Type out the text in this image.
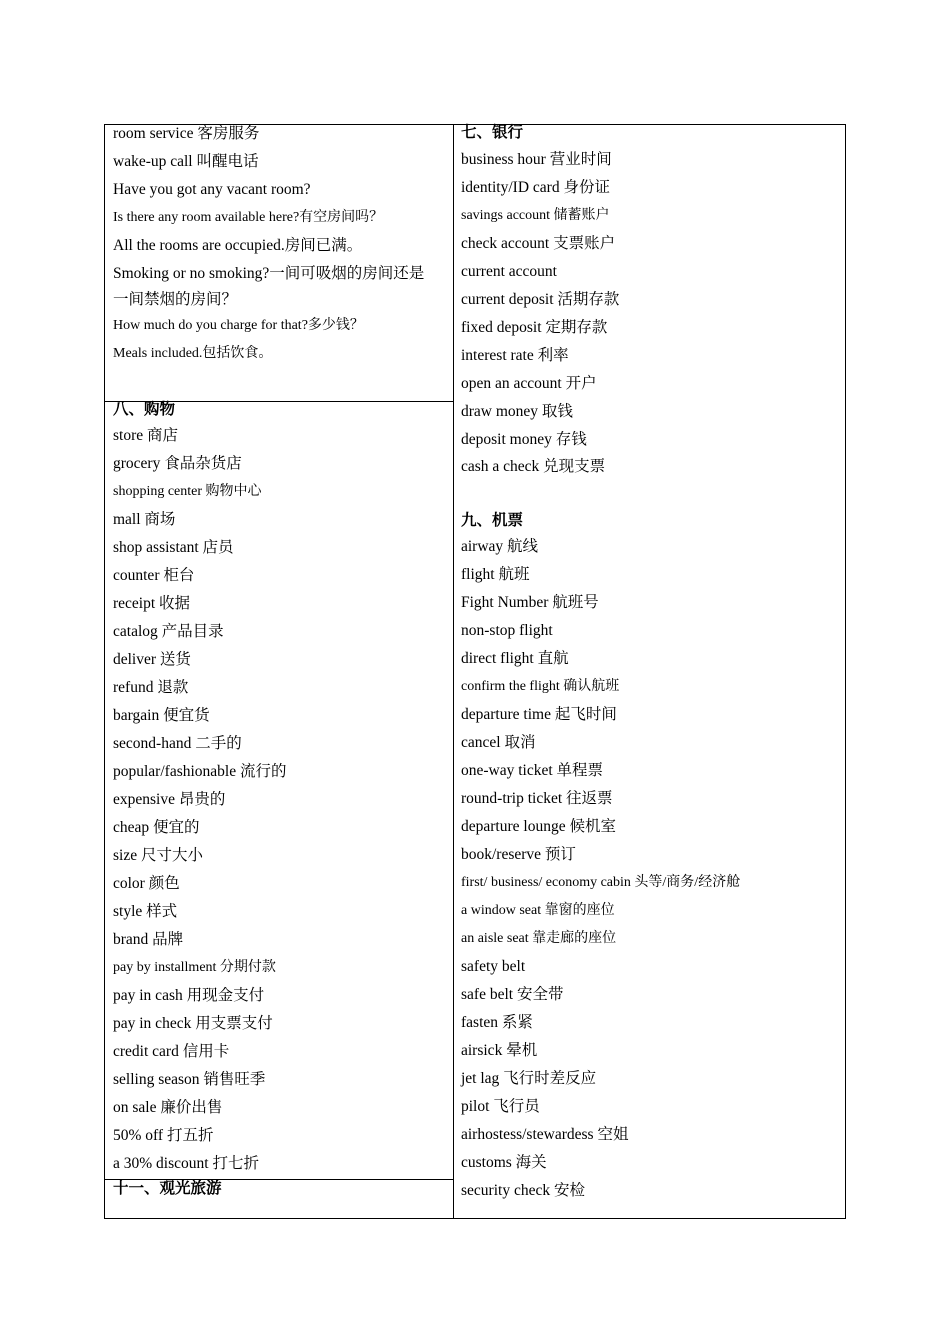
room service 客房服务
wake-up call 叫醒电话
Have you got any vacant room?
Is there any room available here?有空房间吗？
All the rooms are occupied.房间已满。
Smoking or no smoking?一间可吸烟的房间还是
一间禁烟的房间？
How much do you charge for that?多少钱？
Meals included.包括饮食。
八、购物
store 商店
grocery 食品杂货店
shopping center 购物中心
mall 商场
shop assistant 店员
counter 柜台
receipt 收据
catalog 产品目录
deliver 送货
refund 退款
bargain 便宜货
second-hand 二手的
popular/fashionable 流行的
expensive 昂贵的
cheap 便宜的
size 尺寸大小
color 颜色
style 样式
brand 品牌
pay by installment 分期付款
pay in cash 用现金支付
pay in check 用支票支付
credit card 信用卡
selling season 销售旺季
on sale 廉价出售
50% off 打五折
a 30% discount 打七折
十一、观光旅游
七、银行
business hour 营业时间
identity/ID card 身份证
savings account 储蓄账户
check account 支票账户
current account
current deposit 活期存款
fixed deposit 定期存款
interest rate 利率
open an account 开户
draw money 取钱
deposit money 存钱
cash a check 兑现支票
九、机票
airway 航线
flight 航班
Fight Number 航班号
non-stop flight
direct flight 直航
confirm the flight 确认航班
departure time 起飞时间
cancel 取消
one-way ticket 单程票
round-trip ticket 往返票
departure lounge 候机室
book/reserve 预订
first/ business/ economy cabin 头等/商务/经济舱
a window seat 靠窗的座位
an aisle seat 靠走廊的座位
safety belt
safe belt 安全带
fasten 系紧
airsick 晕机
jet lag 飞行时差反应
pilot 飞行员
airhostess/stewardess 空姐
customs 海关
security check 安检
